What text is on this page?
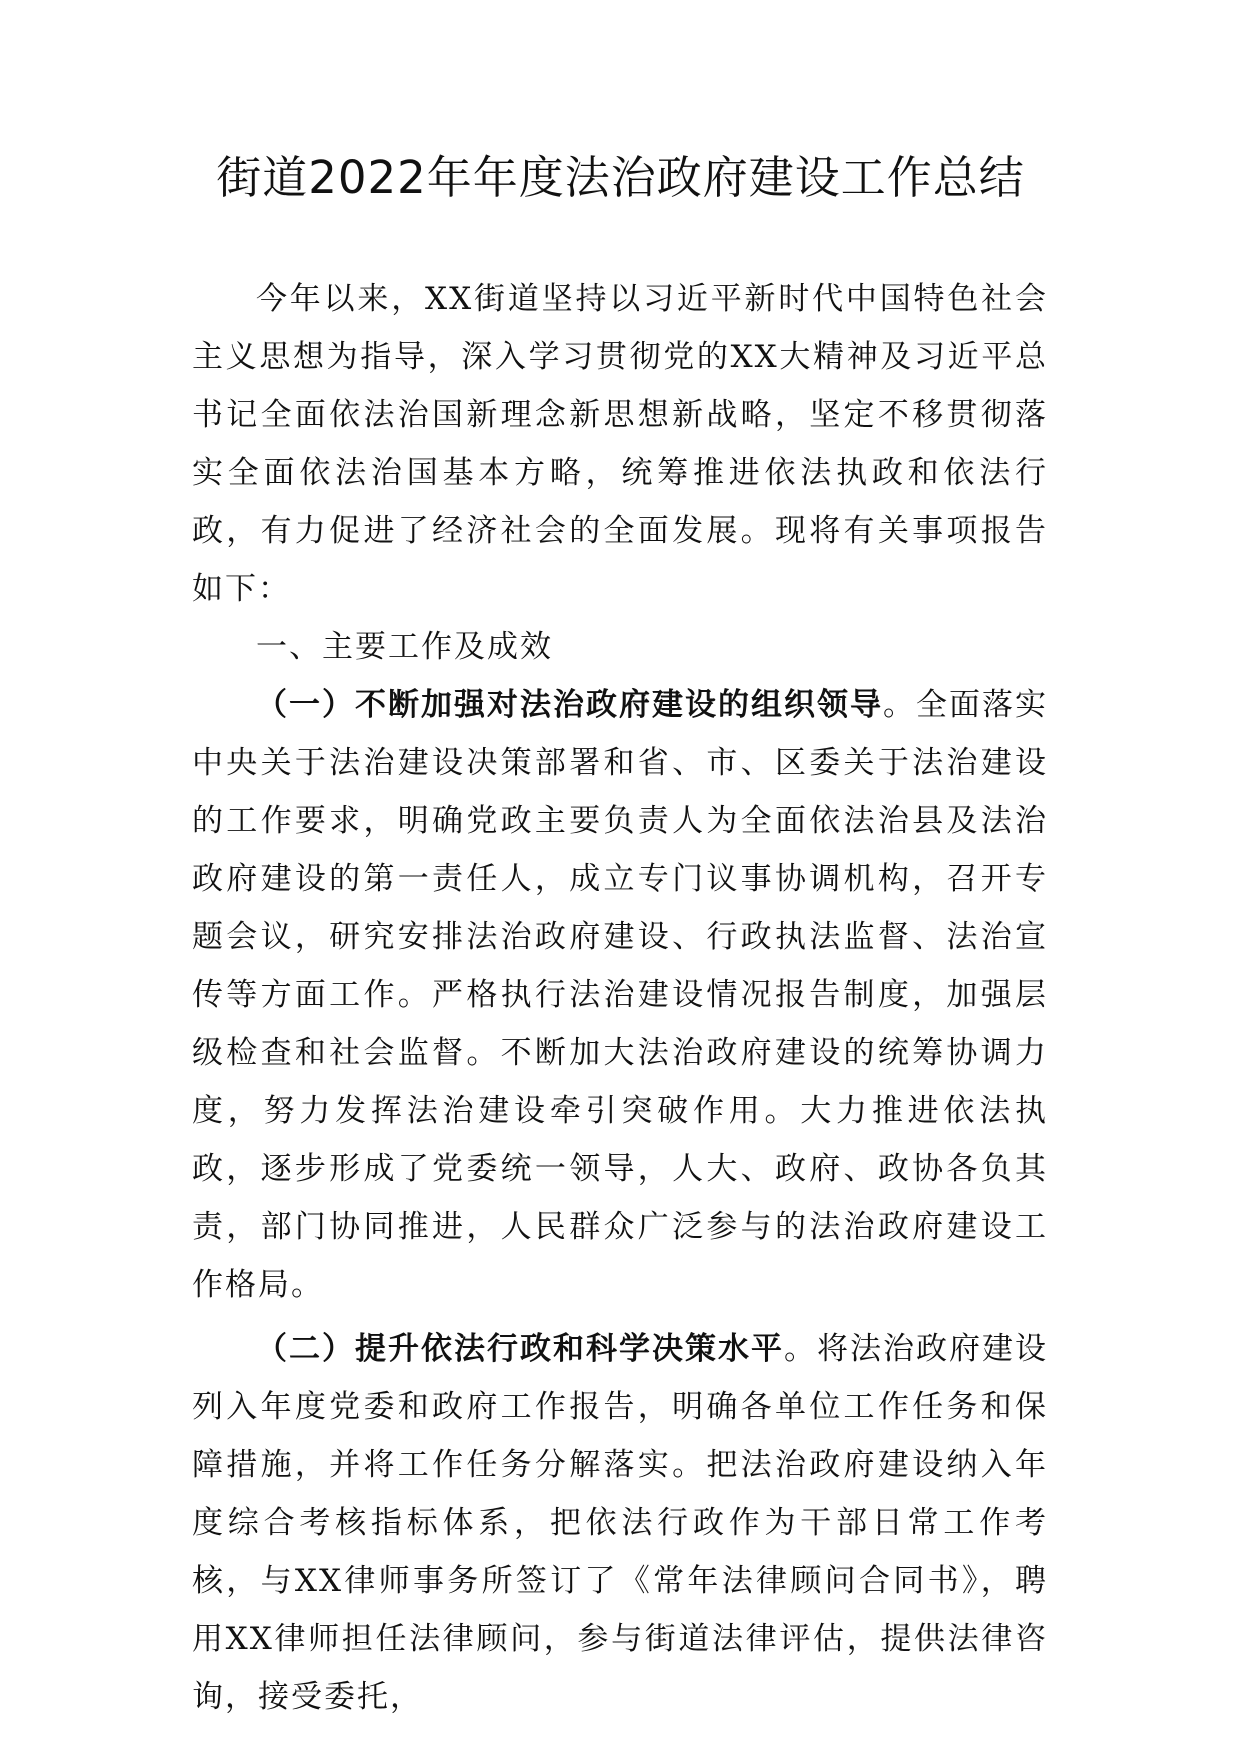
街道2022年年度法治政府建设工作总结

今年以来，XX街道坚持以习近平新时代中国特色社会主义思想为指导，深入学习贯彻党的XX大精神及习近平总书记全面依法治国新理念新思想新战略，坚定不移贯彻落实全面依法治国基本方略，统筹推进依法执政和依法行政，有力促进了经济社会的全面发展。现将有关事项报告如下：

一、主要工作及成效

（一）不断加强对法治政府建设的组织领导。全面落实中央关于法治建设决策部署和省、市、区委关于法治建设的工作要求，明确党政主要负责人为全面依法治县及法治政府建设的第一责任人，成立专门议事协调机构，召开专题会议，研究安排法治政府建设、行政执法监督、法治宣传等方面工作。严格执行法治建设情况报告制度，加强层级检查和社会监督。不断加大法治政府建设的统筹协调力度，努力发挥法治建设牵引突破作用。大力推进依法执政，逐步形成了党委统一领导，人大、政府、政协各负其责，部门协同推进，人民群众广泛参与的法治政府建设工作格局。

（二）提升依法行政和科学决策水平。将法治政府建设列入年度党委和政府工作报告，明确各单位工作任务和保障措施，并将工作任务分解落实。把法治政府建设纳入年度综合考核指标体系，把依法行政作为干部日常工作考核，与XX律师事务所签订了《常年法律顾问合同书》，聘用XX律师担任法律顾问，参与街道法律评估，提供法律咨询，接受委托，
